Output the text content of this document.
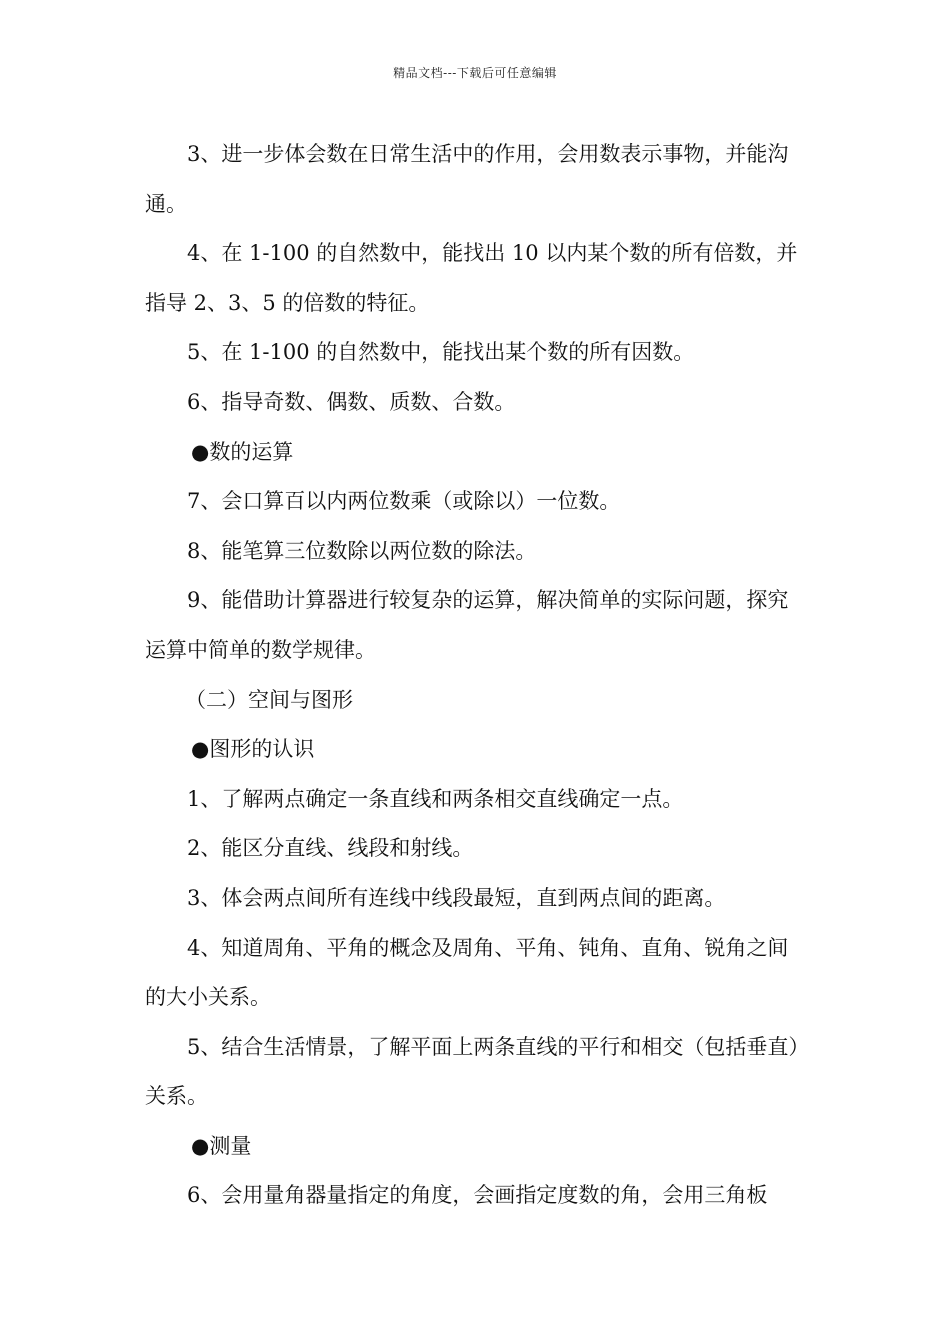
精品文档---下载后可任意编辑

3、进一步体会数在日常生活中的作用，会用数表示事物，并能沟通。

4、在 1-100 的自然数中，能找出 10 以内某个数的所有倍数，并指导 2、3、5 的倍数的特征。

5、在 1-100 的自然数中，能找出某个数的所有因数。

6、指导奇数、偶数、质数、合数。

●数的运算

7、会口算百以内两位数乘（或除以）一位数。

8、能笔算三位数除以两位数的除法。

9、能借助计算器进行较复杂的运算，解决简单的实际问题，探究运算中简单的数学规律。

（二）空间与图形

●图形的认识

1、了解两点确定一条直线和两条相交直线确定一点。

2、能区分直线、线段和射线。

3、体会两点间所有连线中线段最短，直到两点间的距离。

4、知道周角、平角的概念及周角、平角、钝角、直角、锐角之间的大小关系。

5、结合生活情景，了解平面上两条直线的平行和相交（包括垂直）关系。

●测量

6、会用量角器量指定的角度，会画指定度数的角，会用三角板
